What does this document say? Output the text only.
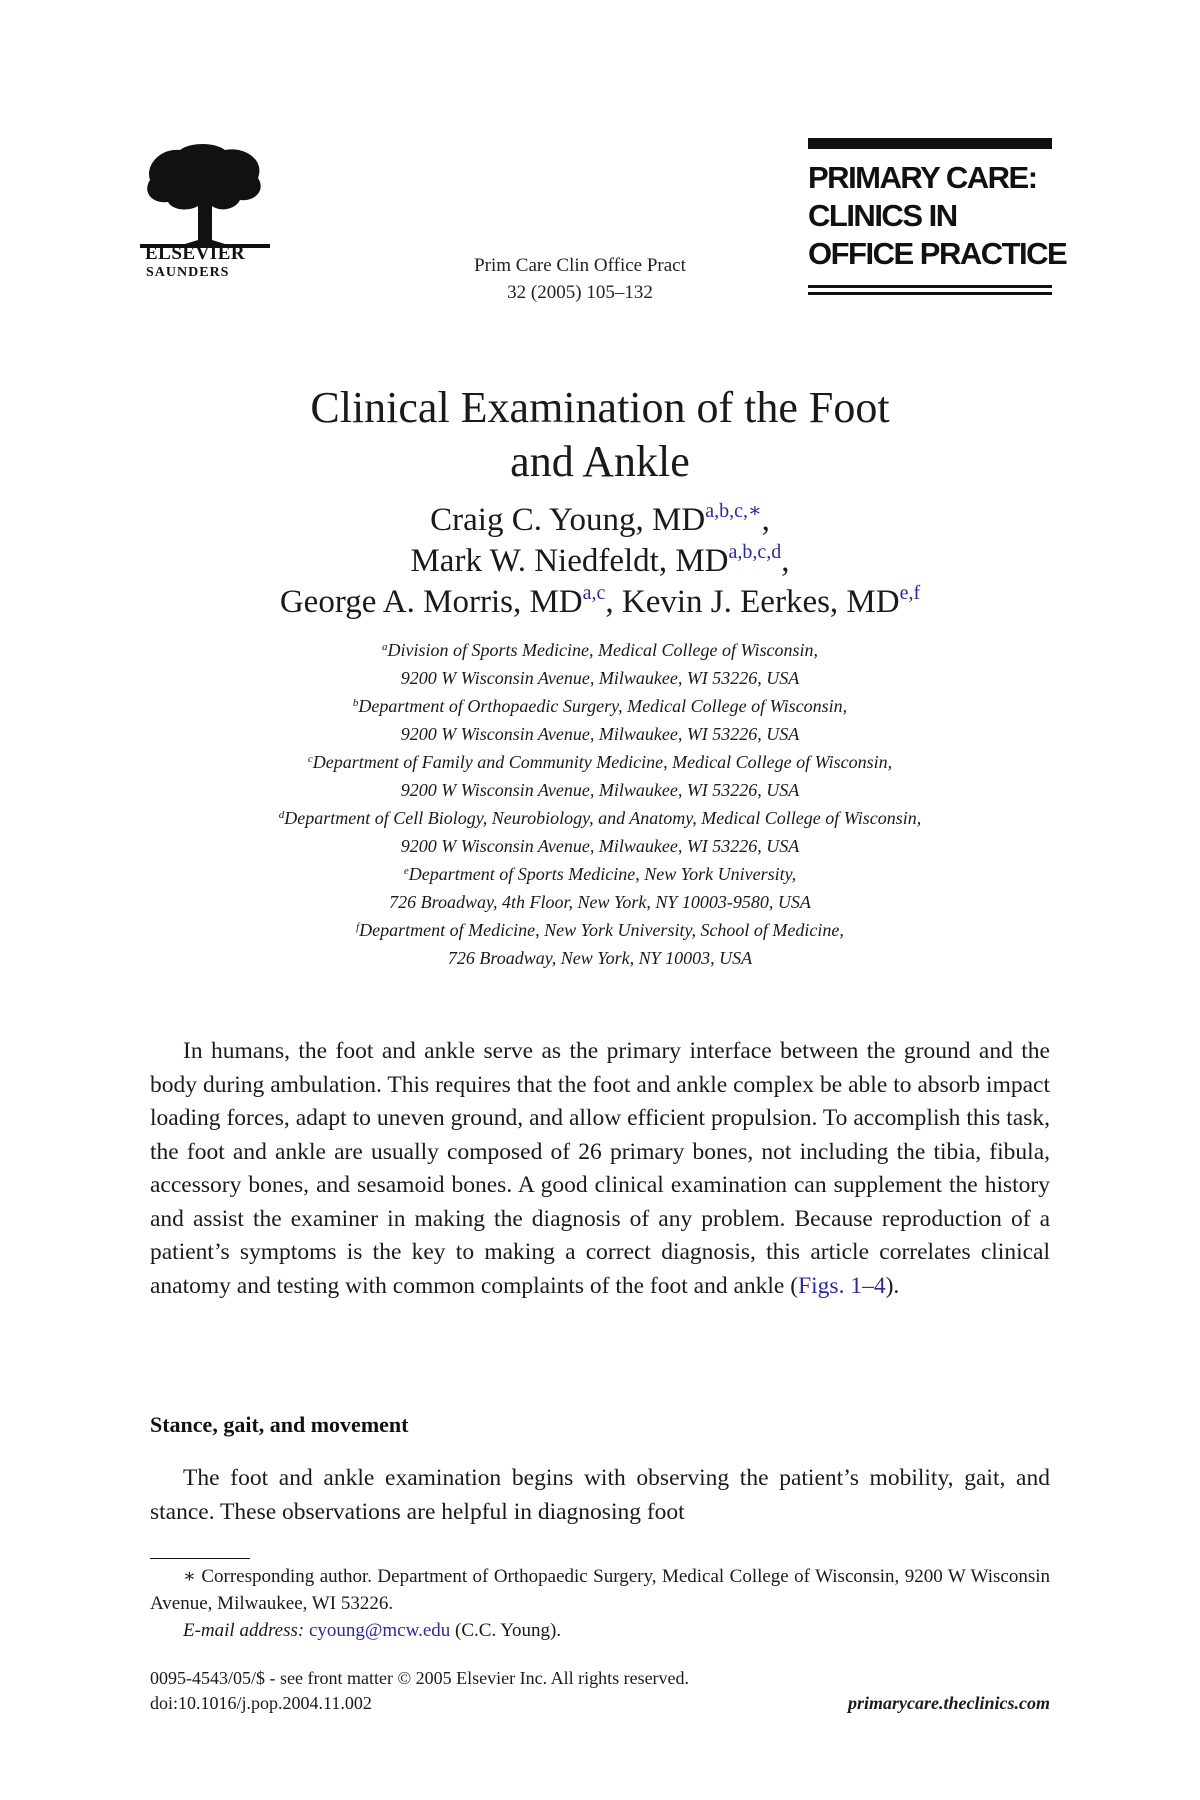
ELSEVIER
SAUNDERS	Prim Care Clin Office Pract
32 (2005) 105–132
PRIMARY CARE:
CLINICS IN
OFFICE PRACTICE
Clinical Examination of the Foot
and Ankle
Craig C. Young, $MD^{a,b,c,∗}$,
Mark W. Niedfeldt, MD$^{a,b,c,d}$,
George A. Morris, MD$^{a,c}$, Kevin J. Eerkes, MD$^{e,f}$
$^a$Division of Sports Medicine, Medical College of Wisconsin,
9200 W Wisconsin Avenue, Milwaukee, WI 53226, USA
$^b$Department of Orthopaedic Surgery, Medical College of Wisconsin,
9200 W Wisconsin Avenue, Milwaukee, WI 53226, USA
$^c$Department of Family and Community Medicine, Medical College of Wisconsin,
9200 W Wisconsin Avenue, Milwaukee, WI 53226, USA
$^d$Department of Cell Biology, Neurobiology, and Anatomy, Medical College of Wisconsin,
9200 W Wisconsin Avenue, Milwaukee, WI 53226, USA
$^e$Department of Sports Medicine, New York University,
726 Broadway, 4th Floor, New York, NY 10003-9580, USA
$^f$Department of Medicine, New York University, School of Medicine,
726 Broadway, New York, NY 10003, USA
In humans, the foot and ankle serve as the primary interface between the ground and the body during ambulation. This requires that the foot and ankle complex be able to absorb impact loading forces, adapt to uneven ground, and allow efficient propulsion. To accomplish this task, the foot and ankle are usually composed of 26 primary bones, not including the tibia, fibula, accessory bones, and sesamoid bones. A good clinical examination can supplement the history and assist the examiner in making the diagnosis of any problem. Because reproduction of a patient’s symptoms is the key to making a correct diagnosis, this article correlates clinical anatomy and testing with common complaints of the foot and ankle (Figs. 1–4).
Stance, gait, and movement
The foot and ankle examination begins with observing the patient’s mobility, gait, and stance. These observations are helpful in diagnosing foot
∗ Corresponding author. Department of Orthopaedic Surgery, Medical College of Wisconsin, 9200 W Wisconsin Avenue, Milwaukee, WI 53226.
E-mail address: cyoung@mcw.edu (C.C. Young).
0095-4543/05/$ - see front matter © 2005 Elsevier Inc. All rights reserved.
doi:10.1016/j.pop.2004.11.002	primarycare.theclinics.com
